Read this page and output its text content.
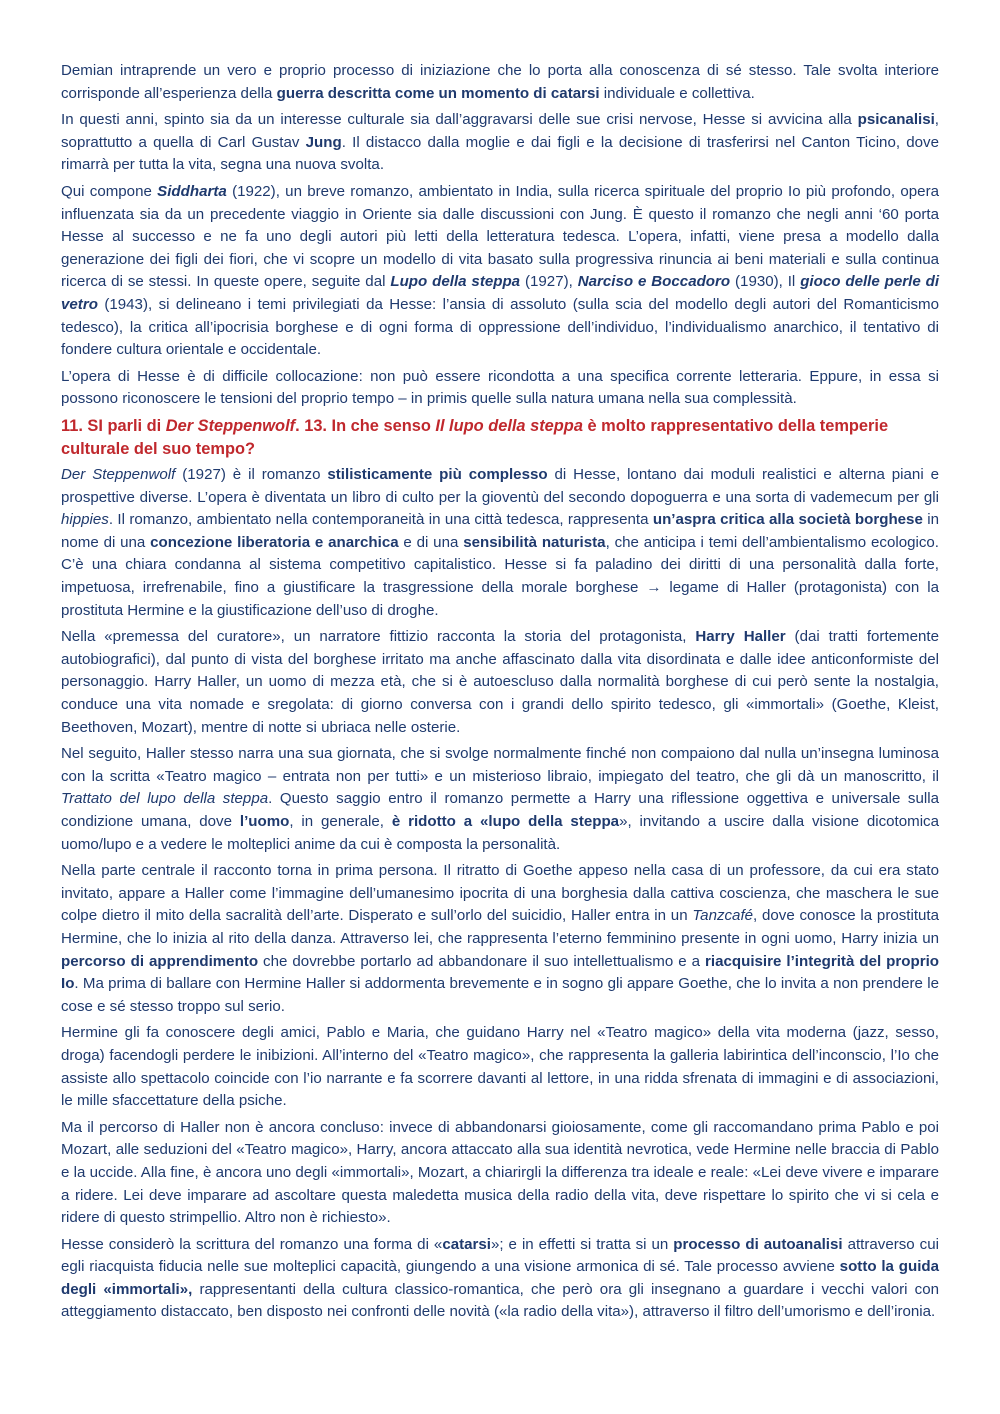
Demian intraprende un vero e proprio processo di iniziazione che lo porta alla conoscenza di sé stesso. Tale svolta interiore corrisponde all’esperienza della guerra descritta come un momento di catarsi individuale e collettiva.

In questi anni, spinto sia da un interesse culturale sia dall’aggravarsi delle sue crisi nervose, Hesse si avvicina alla psicanalisi, soprattutto a quella di Carl Gustav Jung. Il distacco dalla moglie e dai figli e la decisione di trasferirsi nel Canton Ticino, dove rimarrà per tutta la vita, segna una nuova svolta.

Qui compone Siddharta (1922), un breve romanzo, ambientato in India, sulla ricerca spirituale del proprio Io più profondo, opera influenzata sia da un precedente viaggio in Oriente sia dalle discussioni con Jung. È questo il romanzo che negli anni ‘60 porta Hesse al successo e ne fa uno degli autori più letti della letteratura tedesca. L’opera, infatti, viene presa a modello dalla generazione dei figli dei fiori, che vi scopre un modello di vita basato sulla progressiva rinuncia ai beni materiali e sulla continua ricerca di se stessi. In queste opere, seguite dal Lupo della steppa (1927), Narciso e Boccadoro (1930), Il gioco delle perle di vetro (1943), si delineano i temi privilegiati da Hesse: l’ansia di assoluto (sulla scia del modello degli autori del Romanticismo tedesco), la critica all’ipocrisia borghese e di ogni forma di oppressione dell’individuo, l’individualismo anarchico, il tentativo di fondere cultura orientale e occidentale.

L’opera di Hesse è di difficile collocazione: non può essere ricondotta a una specifica corrente letteraria. Eppure, in essa si possono riconoscere le tensioni del proprio tempo – in primis quelle sulla natura umana nella sua complessità.

11. SI parli di Der Steppenwolf. 13. In che senso Il lupo della steppa è molto rappresentativo della temperie culturale del suo tempo?

Der Steppenwolf (1927) è il romanzo stilisticamente più complesso di Hesse, lontano dai moduli realistici e alterna piani e prospettive diverse. L’opera è diventata un libro di culto per la gioventù del secondo dopoguerra e una sorta di vademecum per gli hippies. Il romanzo, ambientato nella contemporaneità in una città tedesca, rappresenta un’aspra critica alla società borghese in nome di una concezione liberatoria e anarchica e di una sensibilità naturista, che anticipa i temi dell’ambientalismo ecologico. C’è una chiara condanna al sistema competitivo capitalistico. Hesse si fa paladino dei diritti di una personalità dalla forte, impetuosa, irrefrenabile, fino a giustificare la trasgressione della morale borghese → legame di Haller (protagonista) con la prostituta Hermine e la giustificazione dell’uso di droghe.

Nella «premessa del curatore», un narratore fittizio racconta la storia del protagonista, Harry Haller (dai tratti fortemente autobiografici), dal punto di vista del borghese irritato ma anche affascinato dalla vita disordinata e dalle idee anticonformiste del personaggio. Harry Haller, un uomo di mezza età, che si è autoescluso dalla normalità borghese di cui però sente la nostalgia, conduce una vita nomade e sregolata: di giorno conversa con i grandi dello spirito tedesco, gli «immortali» (Goethe, Kleist, Beethoven, Mozart), mentre di notte si ubriaca nelle osterie.

Nel seguito, Haller stesso narra una sua giornata, che si svolge normalmente finché non compaiono dal nulla un’insegna luminosa con la scritta «Teatro magico – entrata non per tutti» e un misterioso libraio, impiegato del teatro, che gli dà un manoscritto, il Trattato del lupo della steppa. Questo saggio entro il romanzo permette a Harry una riflessione oggettiva e universale sulla condizione umana, dove l’uomo, in generale, è ridotto a «lupo della steppa», invitando a uscire dalla visione dicotomica uomo/lupo e a vedere le molteplici anime da cui è composta la personalità.

Nella parte centrale il racconto torna in prima persona. Il ritratto di Goethe appeso nella casa di un professore, da cui era stato invitato, appare a Haller come l’immagine dell’umanesimo ipocrita di una borghesia dalla cattiva coscienza, che maschera le sue colpe dietro il mito della sacralità dell’arte. Disperato e sull’orlo del suicidio, Haller entra in un Tanzcafé, dove conosce la prostituta Hermine, che lo inizia al rito della danza. Attraverso lei, che rappresenta l’eterno femminino presente in ogni uomo, Harry inizia un percorso di apprendimento che dovrebbe portarlo ad abbandonare il suo intellettualismo e a riacquisire l’integrità del proprio Io. Ma prima di ballare con Hermine Haller si addormenta brevemente e in sogno gli appare Goethe, che lo invita a non prendere le cose e sé stesso troppo sul serio.

Hermine gli fa conoscere degli amici, Pablo e Maria, che guidano Harry nel «Teatro magico» della vita moderna (jazz, sesso, droga) facendogli perdere le inibizioni. All’interno del «Teatro magico», che rappresenta la galleria labirintica dell’inconscio, l’Io che assiste allo spettacolo coincide con l’io narrante e fa scorrere davanti al lettore, in una ridda sfrenata di immagini e di associazioni, le mille sfaccettature della psiche.

Ma il percorso di Haller non è ancora concluso: invece di abbandonarsi gioiosamente, come gli raccomandano prima Pablo e poi Mozart, alle seduzioni del «Teatro magico», Harry, ancora attaccato alla sua identità nevrotica, vede Hermine nelle braccia di Pablo e la uccide. Alla fine, è ancora uno degli «immortali», Mozart, a chiarirgli la differenza tra ideale e reale: «Lei deve vivere e imparare a ridere. Lei deve imparare ad ascoltare questa maledetta musica della radio della vita, deve rispettare lo spirito che vi si cela e ridere di questo strimpellio. Altro non è richiesto».

Hesse considerò la scrittura del romanzo una forma di «catarsi»; e in effetti si tratta si un processo di autoanalisi attraverso cui egli riacquista fiducia nelle sue molteplici capacità, giungendo a una visione armonica di sé. Tale processo avviene sotto la guida degli «immortali», rappresentanti della cultura classico-romantica, che però ora gli insegnano a guardare i vecchi valori con atteggiamento distaccato, ben disposto nei confronti delle novità («la radio della vita»), attraverso il filtro dell’umorismo e dell’ironia.
